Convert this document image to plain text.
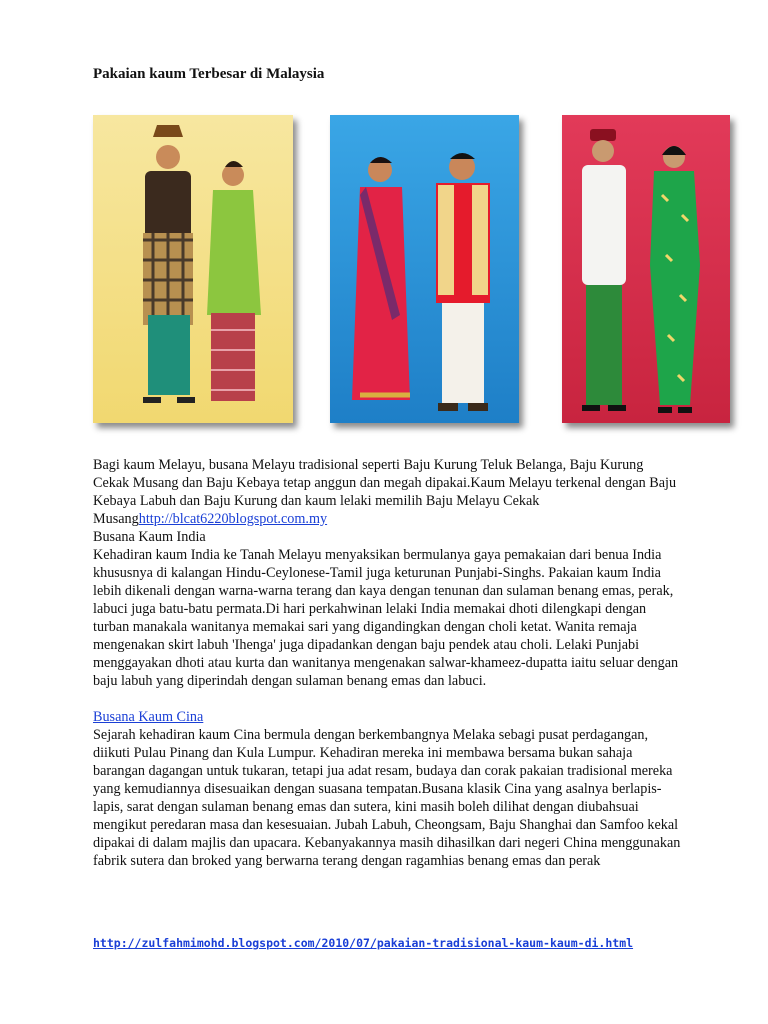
Pakaian kaum Terbesar di Malaysia

Bagi kaum Melayu, busana Melayu tradisional seperti Baju Kurung Teluk Belanga, Baju Kurung Cekak Musang dan Baju Kebaya tetap anggun dan megah dipakai.Kaum Melayu terkenal dengan Baju Kebaya Labuh dan Baju Kurung dan kaum lelaki memilih Baju Melayu Cekak Musanghttp://blcat6220blogspot.com.my

Busana Kaum India

Kehadiran kaum India ke Tanah Melayu menyaksikan bermulanya gaya pemakaian dari benua India khususnya di kalangan Hindu-Ceylonese-Tamil juga keturunan Punjabi-Singhs. Pakaian kaum India lebih dikenali dengan warna-warna terang dan kaya dengan tenunan dan sulaman benang emas, perak, labuci juga batu-batu permata.Di hari perkahwinan lelaki India memakai dhoti dilengkapi dengan turban manakala wanitanya memakai sari yang digandingkan dengan choli ketat. Wanita remaja mengenakan skirt labuh 'Ihenga' juga dipadankan dengan baju pendek atau choli. Lelaki Punjabi menggayakan dhoti atau kurta dan wanitanya mengenakan salwar-khameez-dupatta iaitu seluar dengan baju labuh yang diperindah dengan sulaman benang emas dan labuci.

Busana Kaum Cina

Sejarah kehadiran kaum Cina bermula dengan berkembangnya Melaka sebagi pusat perdagangan, diikuti Pulau Pinang dan Kula Lumpur. Kehadiran mereka ini membawa bersama bukan sahaja barangan dagangan untuk tukaran, tetapi jua adat resam, budaya dan corak pakaian tradisional mereka yang kemudiannya disesuaikan dengan suasana tempatan.Busana klasik Cina yang asalnya berlapis-lapis, sarat dengan sulaman benang emas dan sutera, kini masih boleh dilihat dengan diubahsuai mengikut peredaran masa dan kesesuaian. Jubah Labuh, Cheongsam, Baju Shanghai dan Samfoo kekal dipakai di dalam majlis dan upacara. Kebanyakannya masih dihasilkan dari negeri China menggunakan fabrik sutera dan broked yang berwarna terang dengan ragamhias benang emas dan perak

http://zulfahmimohd.blogspot.com/2010/07/pakaian-tradisional-kaum-kaum-di.html
